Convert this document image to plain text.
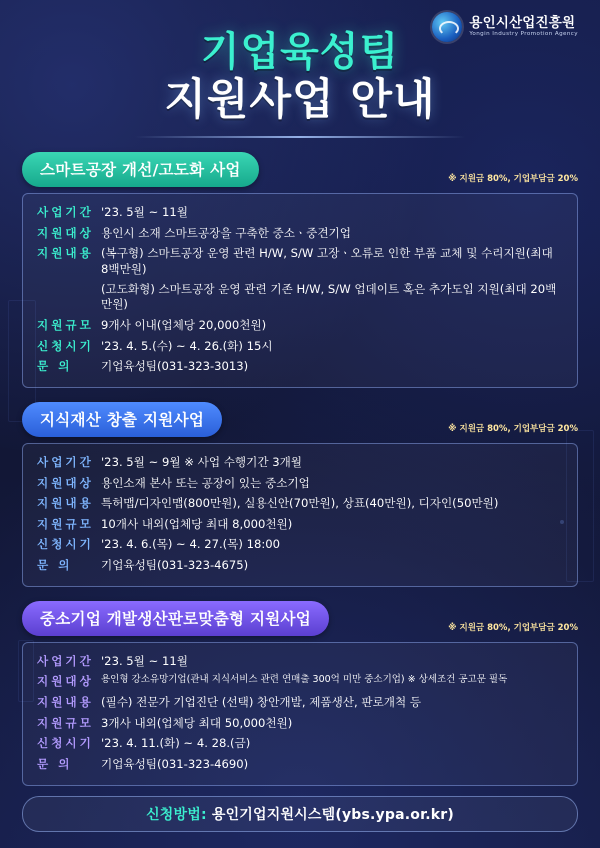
용인시산업진흥원
Yongin Industry Promotion Agency
기업육성팀
지원사업 안내
스마트공장 개선/고도화 사업	※ 지원금 80%, 기업부담금 20%
사업기간 '23. 5월 ~ 11월
지원대상 용인시 소재 스마트공장을 구축한 중소ㆍ중견기업
지원내용 (복구형) 스마트공장 운영 관련 H/W, S/W 고장ㆍ오류로 인한 부품 교체 및 수리지원(최대 8백만원)
(고도화형) 스마트공장 운영 관련 기존 H/W, S/W 업데이트 혹은 추가도입 지원(최대 20백만원)
지원규모 9개사 이내(업체당 20,000천원)
신청시기 '23. 4. 5.(수) ~ 4. 26.(화) 15시
문 의	기업육성팀(031-323-3013)
지식재산 창출 지원사업	※ 지원금 80%, 기업부담금 20%
사업기간 '23. 5월 ~ 9월 ※ 사업 수행기간 3개월
지원대상 용인소재 본사 또는 공장이 있는 중소기업
지원내용 특허맵/디자인맵(800만원), 실용신안(70만원), 상표(40만원), 디자인(50만원)
지원규모 10개사 내외(업체당 최대 8,000천원)
신청시기 '23. 4. 6.(목) ~ 4. 27.(목) 18:00
문 의	기업육성팀(031-323-4675)
중소기업 개발생산판로맞춤형 지원사업	※ 지원금 80%, 기업부담금 20%
사업기간 '23. 5월 ~ 11월
지원대상 용인형 강소유망기업(관내 지식서비스 관련 연매출 300억 미만 중소기업) ※ 상세조건 공고문 필독
지원내용 (필수) 전문가 기업진단 (선택) 창안개발, 제품생산, 판로개척 등
지원규모 3개사 내외(업체당 최대 50,000천원)
신청시기 '23. 4. 11.(화) ~ 4. 28.(금)
문 의	기업육성팀(031-323-4690)
신청방법: 용인기업지원시스템(ybs.ypa.or.kr)
